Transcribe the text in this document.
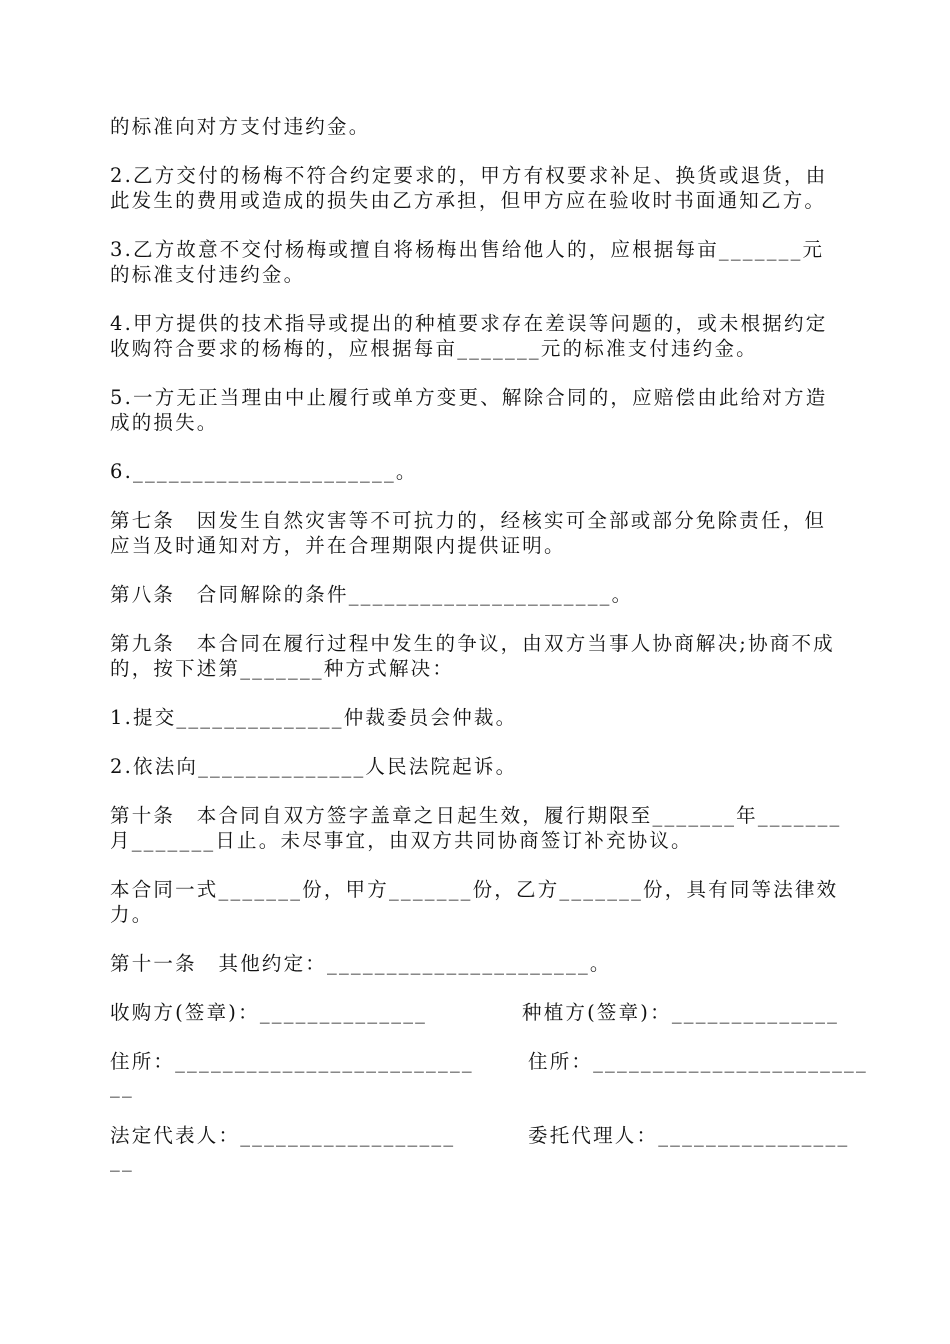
的标准向对方支付违约金。

2.乙方交付的杨梅不符合约定要求的，甲方有权要求补足、换货或退货，由此发生的费用或造成的损失由乙方承担，但甲方应在验收时书面通知乙方。

3.乙方故意不交付杨梅或擅自将杨梅出售给他人的，应根据每亩_______元的标准支付违约金。

4.甲方提供的技术指导或提出的种植要求存在差误等问题的，或未根据约定收购符合要求的杨梅的，应根据每亩_______元的标准支付违约金。

5.一方无正当理由中止履行或单方变更、解除合同的，应赔偿由此给对方造成的损失。

6.______________________。

第七条　因发生自然灾害等不可抗力的，经核实可全部或部分免除责任，但应当及时通知对方，并在合理期限内提供证明。

第八条　合同解除的条件______________________。

第九条　本合同在履行过程中发生的争议，由双方当事人协商解决;协商不成的，按下述第_______种方式解决：

1.提交______________仲裁委员会仲裁。

2.依法向______________人民法院起诉。

第十条　本合同自双方签字盖章之日起生效，履行期限至_______年_______月_______日止。未尽事宜，由双方共同协商签订补充协议。

本合同一式_______份，甲方_______份，乙方_______份，具有同等法律效力。

第十一条　其他约定：______________________。

收购方(签章)：______________

	种植方(签章)：______________

住所：_________________________

	住所：_______________________

__

法定代表人：__________________

	委托代理人：________________

__
